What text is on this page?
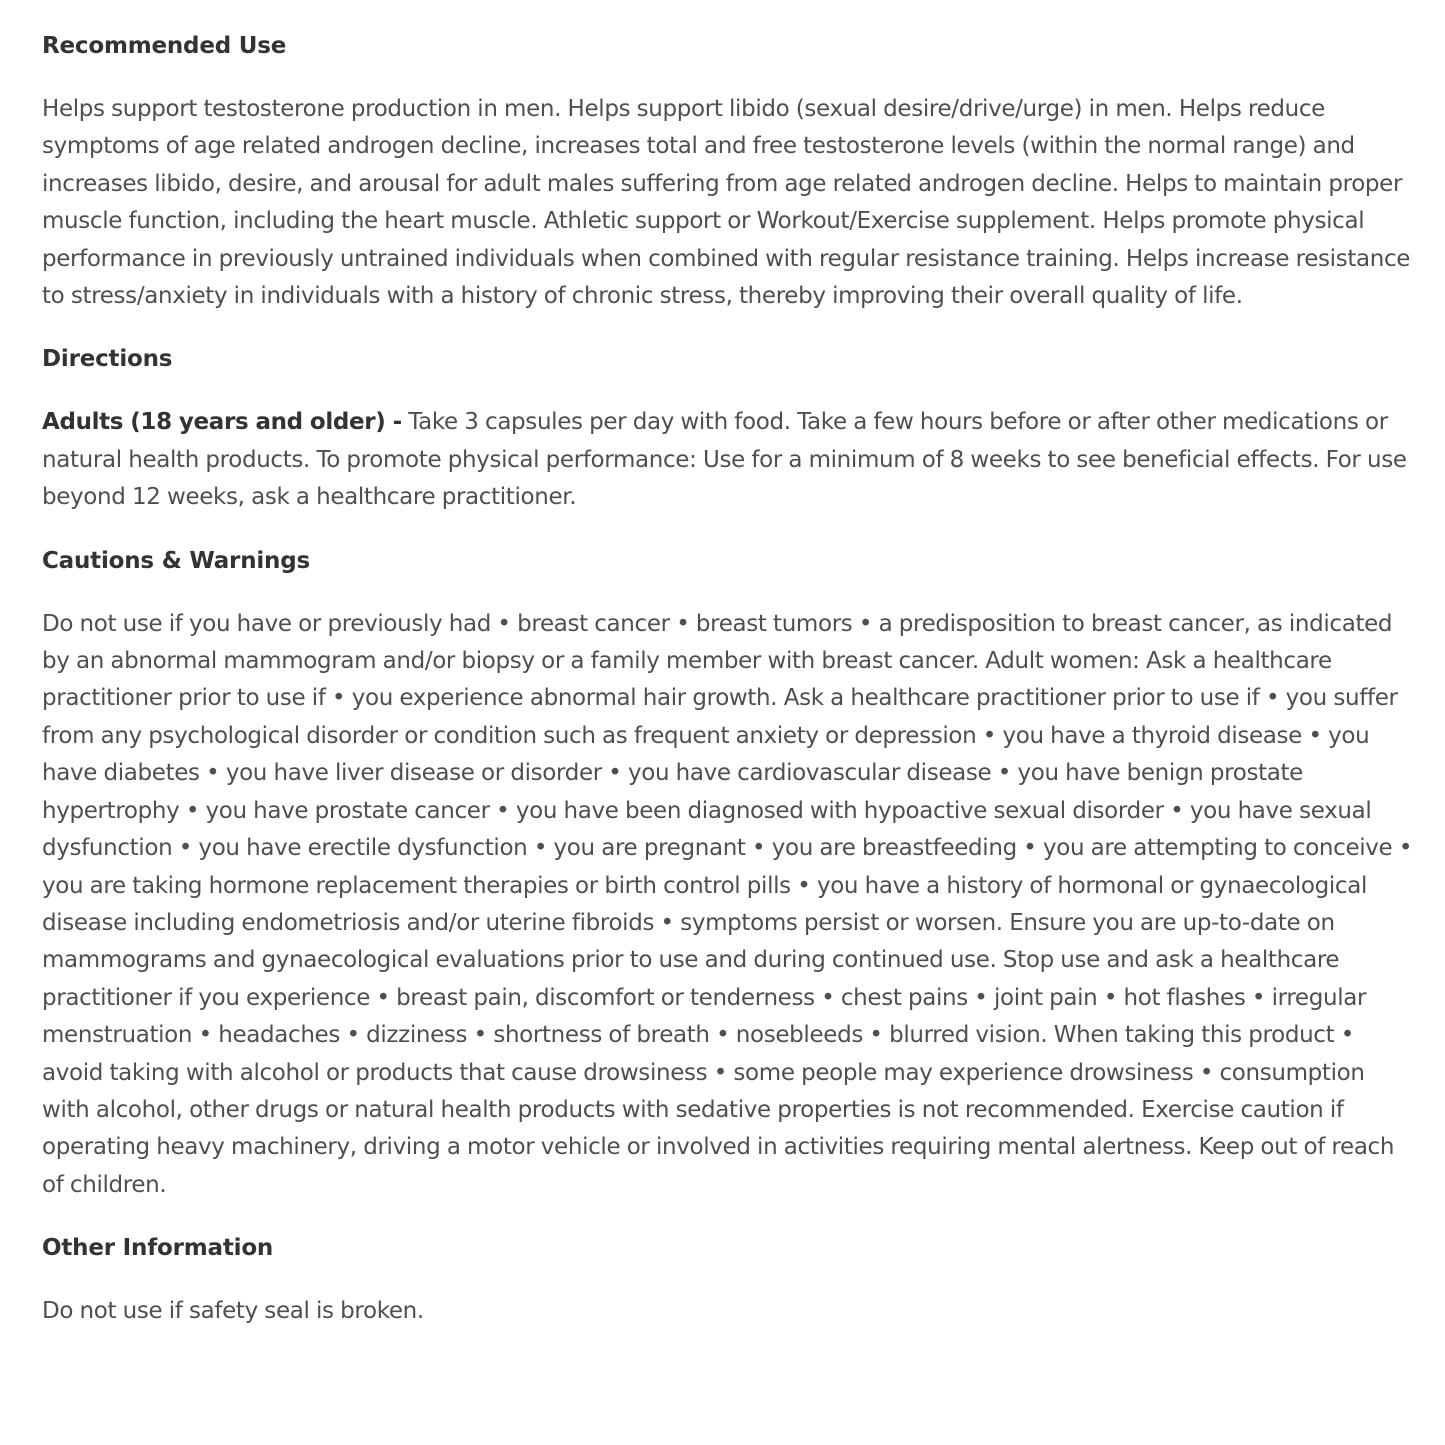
Recommended Use

Helps support testosterone production in men. Helps support libido (sexual desire/drive/urge) in men. Helps reduce symptoms of age related androgen decline, increases total and free testosterone levels (within the normal range) and increases libido, desire, and arousal for adult males suffering from age related androgen decline. Helps to maintain proper muscle function, including the heart muscle. Athletic support or Workout/Exercise supplement. Helps promote physical performance in previously untrained individuals when combined with regular resistance training. Helps increase resistance to stress/anxiety in individuals with a history of chronic stress, thereby improving their overall quality of life.

Directions

Adults (18 years and older) - Take 3 capsules per day with food. Take a few hours before or after other medications or natural health products. To promote physical performance: Use for a minimum of 8 weeks to see beneficial effects. For use beyond 12 weeks, ask a healthcare practitioner.

Cautions & Warnings

Do not use if you have or previously had • breast cancer • breast tumors • a predisposition to breast cancer, as indicated by an abnormal mammogram and/or biopsy or a family member with breast cancer. Adult women: Ask a healthcare practitioner prior to use if • you experience abnormal hair growth. Ask a healthcare practitioner prior to use if • you suffer from any psychological disorder or condition such as frequent anxiety or depression • you have a thyroid disease • you have diabetes • you have liver disease or disorder • you have cardiovascular disease • you have benign prostate hypertrophy • you have prostate cancer • you have been diagnosed with hypoactive sexual disorder • you have sexual dysfunction • you have erectile dysfunction • you are pregnant • you are breastfeeding • you are attempting to conceive • you are taking hormone replacement therapies or birth control pills • you have a history of hormonal or gynaecological disease including endometriosis and/or uterine fibroids • symptoms persist or worsen. Ensure you are up-to-date on mammograms and gynaecological evaluations prior to use and during continued use. Stop use and ask a healthcare practitioner if you experience • breast pain, discomfort or tenderness • chest pains • joint pain • hot flashes • irregular menstruation • headaches • dizziness • shortness of breath • nosebleeds • blurred vision. When taking this product • avoid taking with alcohol or products that cause drowsiness • some people may experience drowsiness • consumption with alcohol, other drugs or natural health products with sedative properties is not recommended. Exercise caution if operating heavy machinery, driving a motor vehicle or involved in activities requiring mental alertness. Keep out of reach of children.

Other Information

Do not use if safety seal is broken.
